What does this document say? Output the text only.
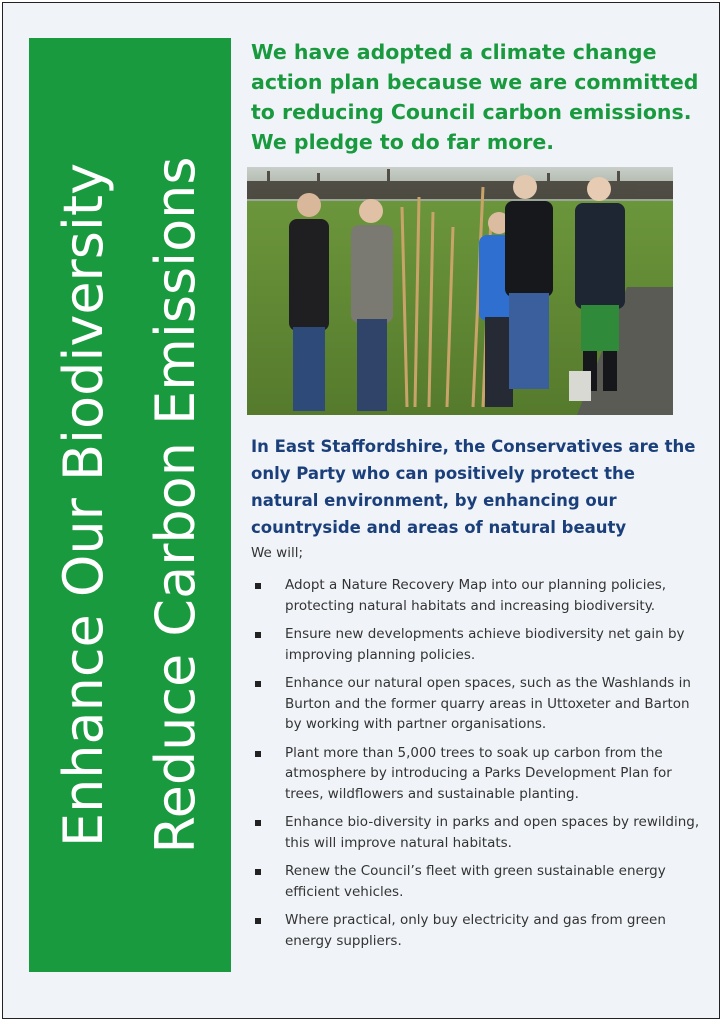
Enhance Our Biodiversity Reduce Carbon Emissions

We have adopted a climate change action plan because we are committed to reducing Council carbon emissions. We pledge to do far more.

In East Staffordshire, the Conservatives are the only Party who can positively protect the natural environment, by enhancing our countryside and areas of natural beauty

We will;

Adopt a Nature Recovery Map into our planning policies, protecting natural habitats and increasing biodiversity.
Ensure new developments achieve biodiversity net gain by improving planning policies.
Enhance our natural open spaces, such as the Washlands in Burton and the former quarry areas in Uttoxeter and Barton by working with partner organisations.
Plant more than 5,000 trees to soak up carbon from the atmosphere by introducing a Parks Development Plan for trees, wildflowers and sustainable planting.
Enhance bio-diversity in parks and open spaces by rewilding, this will improve natural habitats.
Renew the Council’s fleet with green sustainable energy efficient vehicles.
Where practical, only buy electricity and gas from green energy suppliers.
